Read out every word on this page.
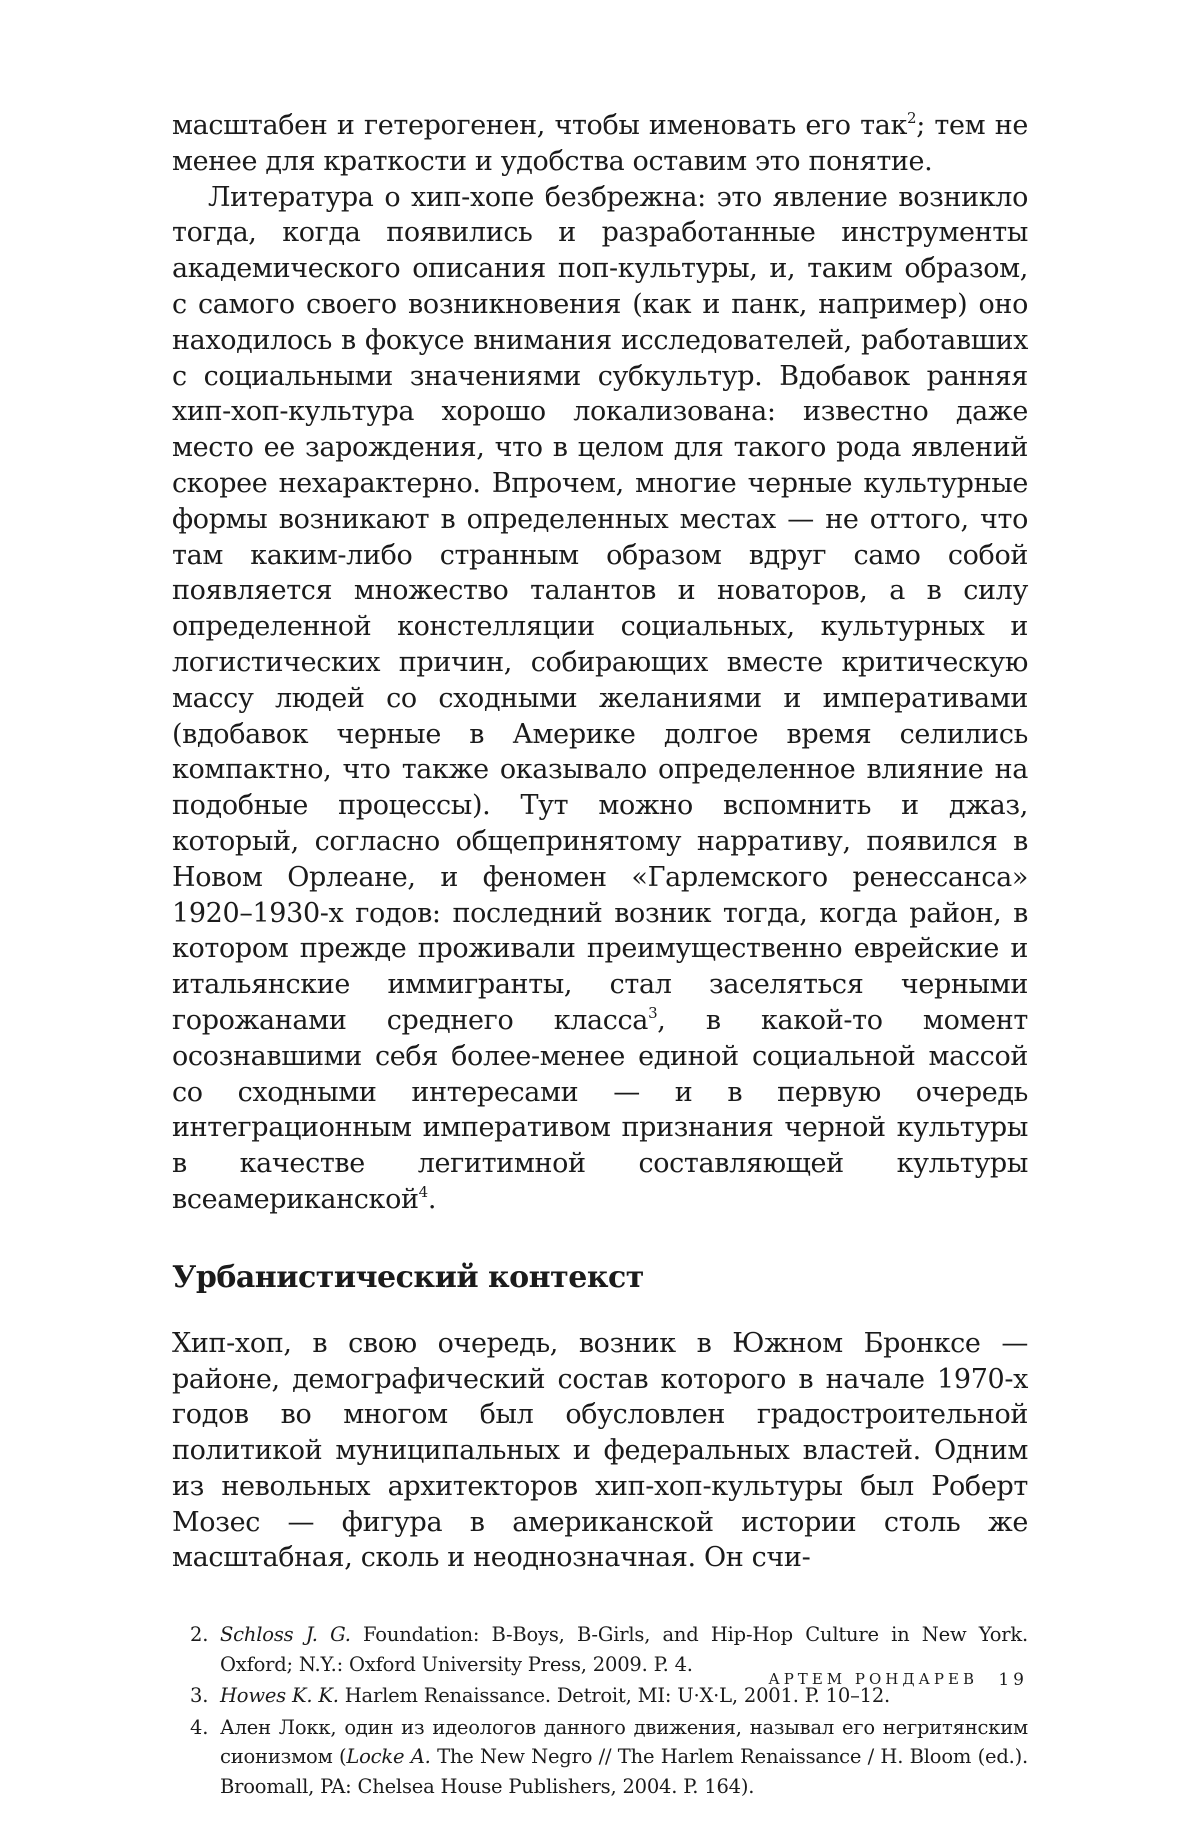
масштабен и гетерогенен, чтобы именовать его так$^2$; тем не менее для краткости и удобства оставим это понятие.

Литература о хип-хопе безбрежна: это явление возникло тогда, когда появились и разработанные инструменты академического описания поп-культуры, и, таким образом, с самого своего возникновения (как и панк, например) оно находилось в фокусе внимания исследователей, работавших с социальными значениями субкультур. Вдобавок ранняя хип-хоп-культура хорошо локализована: известно даже место ее зарождения, что в целом для такого рода явлений скорее нехарактерно. Впрочем, многие черные культурные формы возникают в определенных местах — не оттого, что там каким-либо странным образом вдруг само собой появляется множество талантов и новаторов, а в силу определенной констелляции социальных, культурных и логистических причин, собирающих вместе критическую массу людей со сходными желаниями и императивами (вдобавок черные в Америке долгое время селились компактно, что также оказывало определенное влияние на подобные процессы). Тут можно вспомнить и джаз, который, согласно общепринятому нарративу, появился в Новом Орлеане, и феномен «Гарлемского ренессанса» 1920–1930-х годов: последний возник тогда, когда район, в котором прежде проживали преимущественно еврейские и итальянские иммигранты, стал заселяться черными горожанами среднего класса$^3$, в какой-то момент осознавшими себя более-менее единой социальной массой со сходными интересами — и в первую очередь интеграционным императивом признания черной культуры в качестве легитимной составляющей культуры всеамериканской$^4$.

Урбанистический контекст

Хип-хоп, в свою очередь, возник в Южном Бронксе — районе, демографический состав которого в начале 1970-х годов во многом был обусловлен градостроительной политикой муниципальных и федеральных властей. Одним из невольных архитекторов хип-хоп-культуры был Роберт Мозес — фигура в американской истории столь же масштабная, сколь и неоднозначная. Он счи-

2. Schloss J. G. Foundation: B-Boys, B-Girls, and Hip-Hop Culture in New York. Oxford; N.Y.: Oxford University Press, 2009. P. 4.
3. Howes K. K. Harlem Renaissance. Detroit, MI: U·X·L, 2001. P. 10–12.
4. Ален Локк, один из идеологов данного движения, называл его негритянским сионизмом (Locke A. The New Negro // The Harlem Renaissance / H. Bloom (ed.). Broomall, PA: Chelsea House Publishers, 2004. P. 164).
АРТЕМ РОНДАРЕВ 19
